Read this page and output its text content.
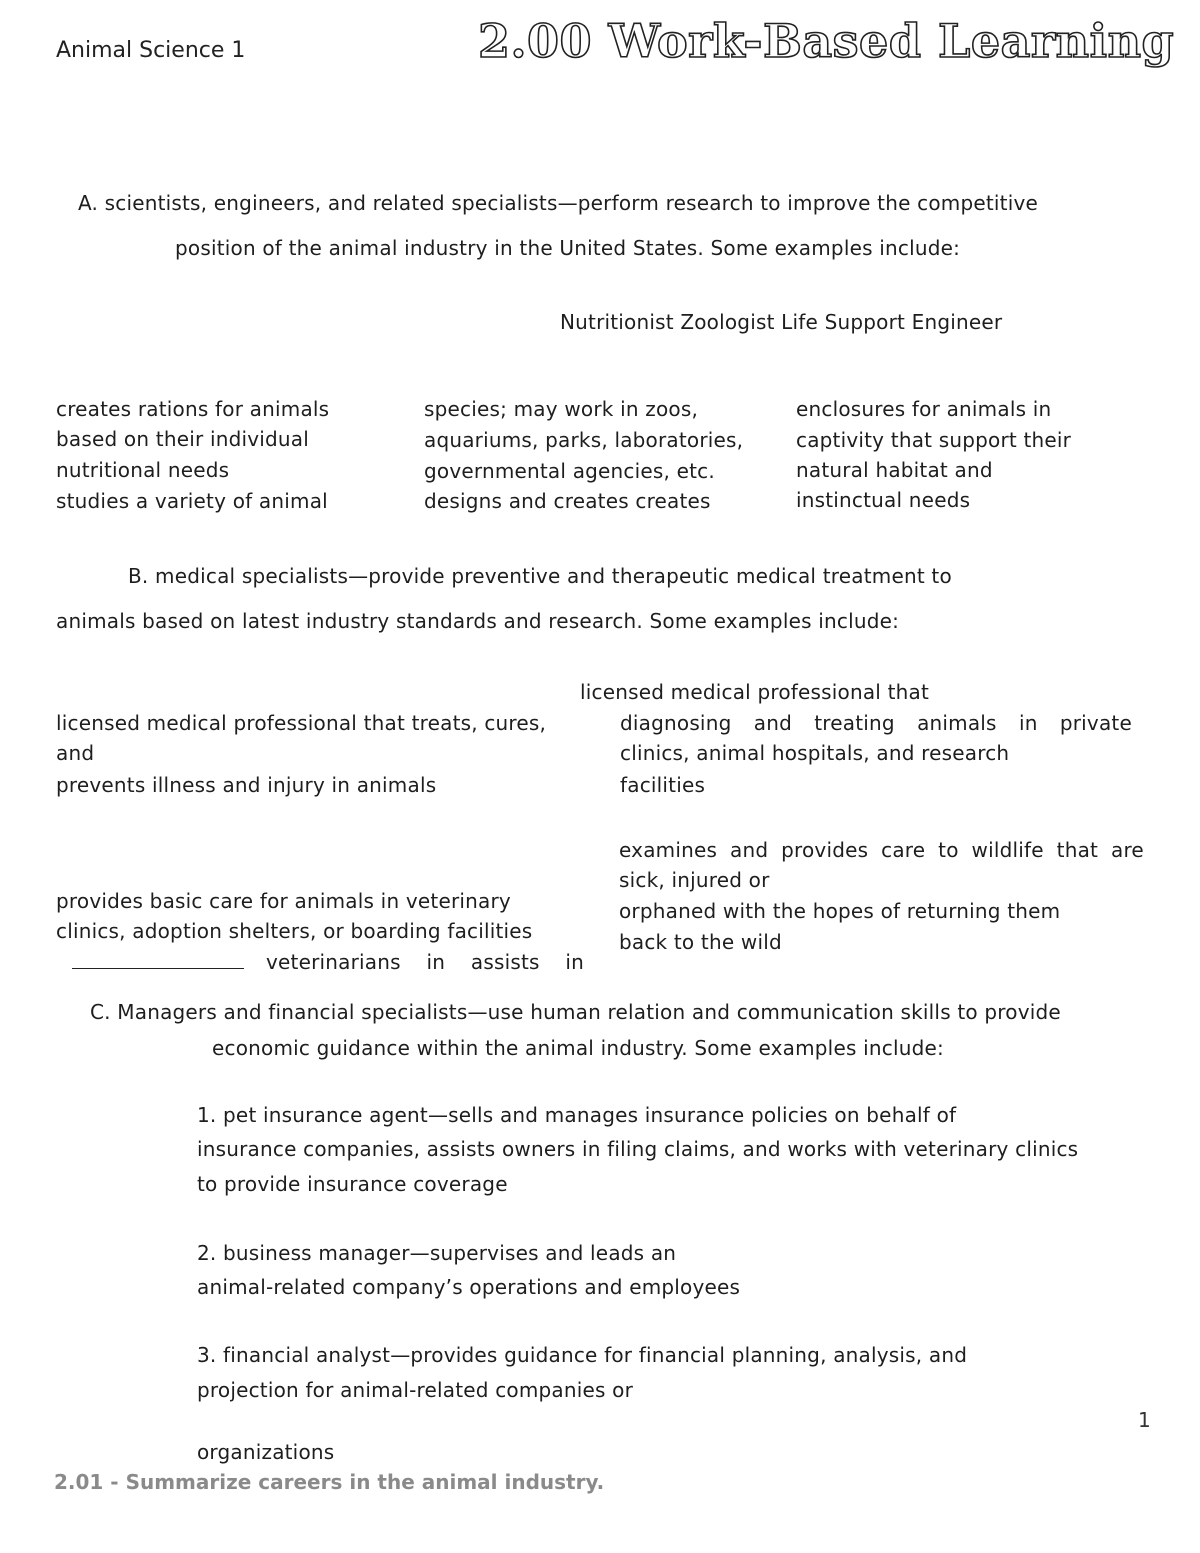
Animal Science 1	2.00 Work-Based Learning
A. scientists, engineers, and related specialists—perform research to improve the competitive
position of the animal industry in the United States. Some examples include:
Nutritionist Zoologist Life Support Engineer
creates rations for animals
based on their individual
nutritional needs
studies a variety of animal
species; may work in zoos,
aquariums, parks, laboratories,
governmental agencies, etc.
designs and creates creates
enclosures for animals in
captivity that support their
natural habitat and
instinctual needs
B. medical specialists—provide preventive and therapeutic medical treatment to
animals based on latest industry standards and research. Some examples include:
licensed medical professional that
licensed medical professional that treats, cures,
and
prevents illness and injury in animals
diagnosing and treating animals in private
clinics, animal hospitals, and research
facilities
examines and provides care to wildlife that are
sick, injured or
orphaned with the hopes of returning them
back to the wild
provides basic care for animals in veterinary
clinics, adoption shelters, or boarding facilities
veterinarians in assists in
C. Managers and financial specialists—use human relation and communication skills to provide
economic guidance within the animal industry. Some examples include:
1. pet insurance agent—sells and manages insurance policies on behalf of
insurance companies, assists owners in filing claims, and works with veterinary clinics
to provide insurance coverage
2. business manager—supervises and leads an
animal-related company’s operations and employees
3. financial analyst—provides guidance for financial planning, analysis, and
projection for animal-related companies or
organizations
1
2.01 - Summarize careers in the animal industry.
